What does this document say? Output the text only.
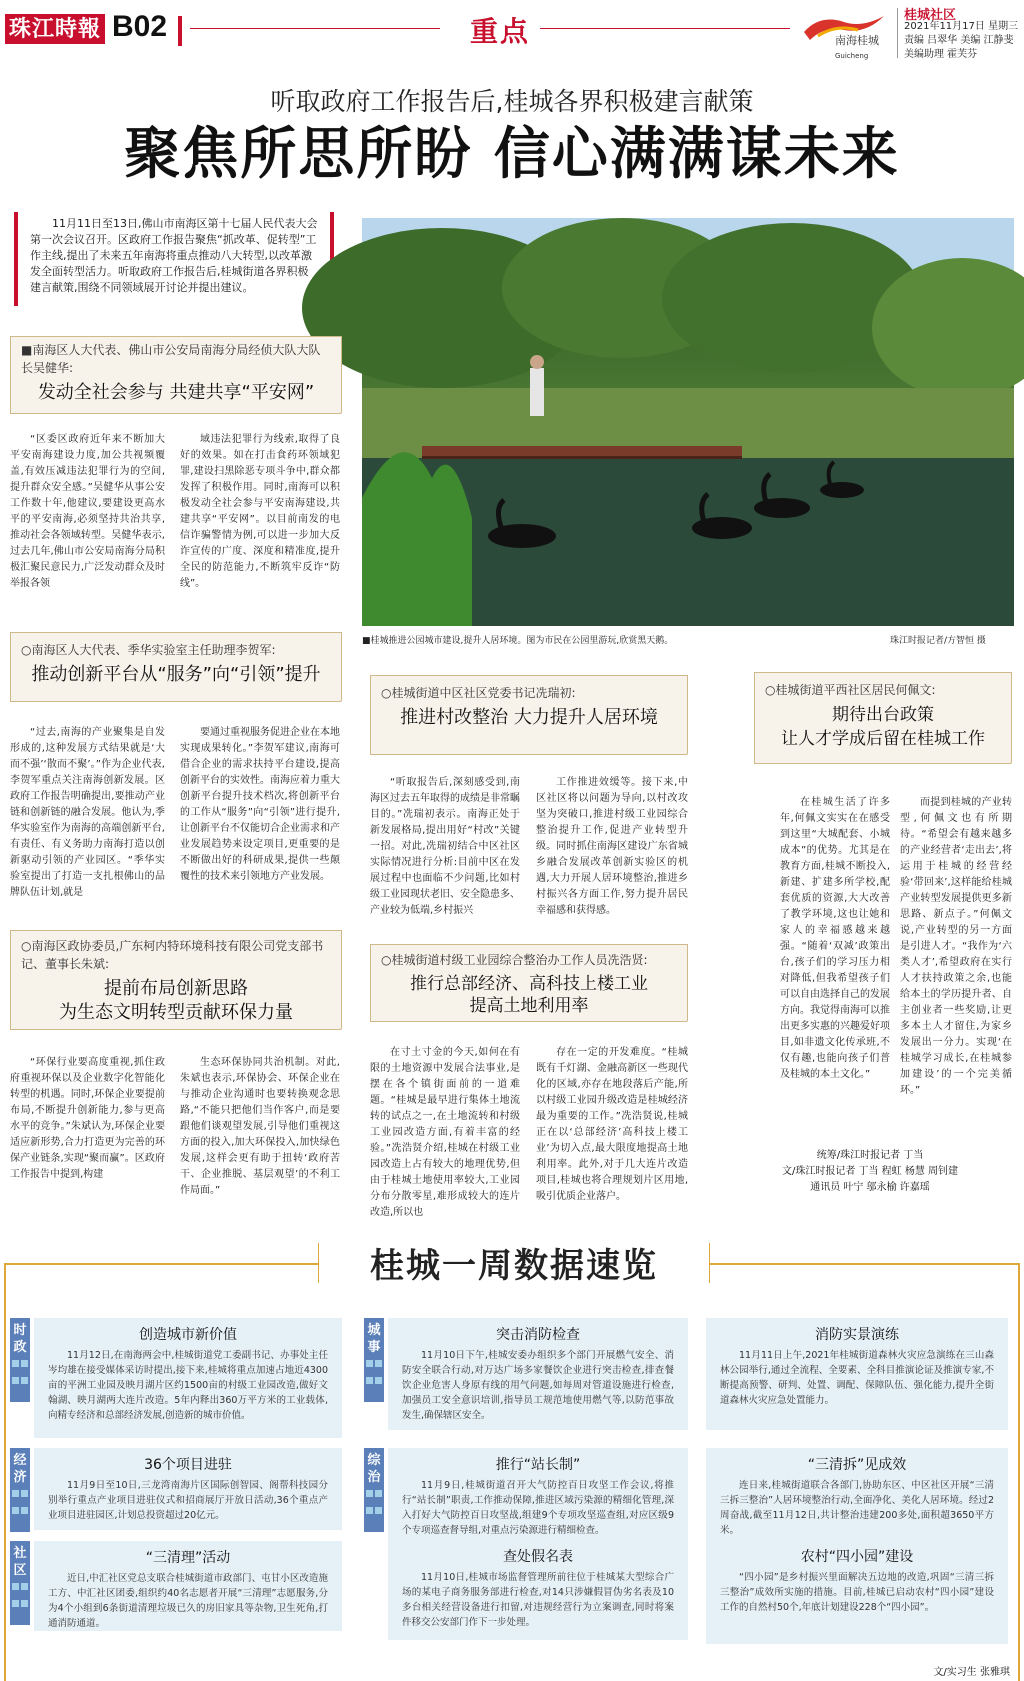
珠江時報 B02	重点	南海桂城
Guicheng
桂城社区
2021年11月17日 星期三
责编 吕翠华 美编 江静斐
美编助理 霍芙芬
听取政府工作报告后,桂城各界积极建言献策
聚焦所思所盼 信心满满谋未来
11月11日至13日,佛山市南海区第十七届人民代表大会第一次会议召开。区政府工作报告聚焦“抓改革、促转型”工作主线,提出了未来五年南海将重点推动八大转型,以改革激发全面转型活力。听取政府工作报告后,桂城街道各界积极建言献策,围绕不同领域展开讨论并提出建议。
■桂城推进公园城市建设,提升人居环境。图为市民在公园里游玩,欣赏黑天鹅。	珠江时报记者/方智恒 摄
■南海区人大代表、佛山市公安局南海分局经侦大队大队长吴健华:
发动全社会参与 共建共享“平安网”
“区委区政府近年来不断加大平安南海建设力度,加公共视频覆盖,有效压减违法犯罪行为的空间,提升群众安全感。”吴健华从事公安工作数十年,他建议,要建设更高水平的平安南海,必须坚持共治共享,推动社会各领域转型。吴健华表示,过去几年,佛山市公安局南海分局积极汇聚民意民力,广泛发动群众及时举报各领
域违法犯罪行为线索,取得了良好的效果。如在打击食药环领域犯罪,建设扫黑除恶专项斗争中,群众都发挥了积极作用。同时,南海可以积极发动全社会参与平安南海建设,共建共享“平安网”。以目前南发的电信诈骗警情为例,可以进一步加大反诈宣传的广度、深度和精准度,提升全民的防范能力,不断筑牢反诈“防线”。
○南海区人大代表、季华实验室主任助理李贺军:
推动创新平台从“服务”向“引领”提升
“过去,南海的产业聚集是自发形成的,这种发展方式结果就是‘大而不强’‘散而不聚’。”作为企业代表,李贺军重点关注南海创新发展。区政府工作报告明确提出,要推动产业链和创新链的融合发展。他认为,季华实验室作为南海的高端创新平台,有责任、有义务助力南海打造以创新驱动引领的产业园区。“季华实验室提出了打造一支扎根佛山的品牌队伍计划,就是
要通过重视服务促进企业在本地实现成果转化。”李贺军建议,南海可借合企业的需求扶持平台建设,提高创新平台的实效性。南海应着力重大创新平台提升技术档次,将创新平台的工作从“服务”向“引领”进行提升,让创新平台不仅能切合企业需求和产业发展趋势来设定项目,更重要的是不断做出好的科研成果,提供一些颠覆性的技术来引领地方产业发展。
○南海区政协委员,广东柯内特环境科技有限公司党支部书记、董事长朱斌:
提前布局创新思路
为生态文明转型贡献环保力量
“环保行业要高度重视,抓住政府重视环保以及企业数字化智能化转型的机遇。同时,环保企业要提前布局,不断提升创新能力,参与更高水平的竞争。”朱斌认为,环保企业要适应新形势,合力打造更为完善的环保产业链条,实现“聚而赢”。区政府工作报告中提到,构建
生态环保协同共治机制。对此,朱斌也表示,环保协会、环保企业在与推动企业沟通时也要转换观念思路,“不能只把他们当作客户,而是要跟他们谈观望发展,引导他们重视这方面的投入,加大环保投入,加快绿色发展,这样会更有助于扭转‘政府苦干、企业推脱、基层观望’的不利工作局面。”
○桂城街道中区社区党委书记冼瑞初:
推进村改整治 大力提升人居环境
“听取报告后,深刻感受到,南海区过去五年取得的成绩是非常瞩目的。”冼瑞初表示。南海正处于新发展格局,提出用好“村改”关键一招。对此,冼瑞初结合中区社区实际情况进行分析:目前中区在发展过程中也面临不少问题,比如村级工业园现状老旧、安全隐患多、产业较为低端,乡村振兴
工作推进效缓等。接下来,中区社区将以问题为导向,以村改攻坚为突破口,推进村级工业园综合整治提升工作,促进产业转型升级。同时抓住南海区建设广东省城乡融合发展改革创新实验区的机遇,大力开展人居环境整治,推进乡村振兴各方面工作,努力提升居民幸福感和获得感。
○桂城街道平西社区居民何佩文:
期待出台政策
让人才学成后留在桂城工作
在桂城生活了许多年,何佩文实实在在感受到这里“大城配套、小城成本”的优势。尤其是在教育方面,桂城不断投入,新建、扩建多所学校,配套优质的资源,大大改善了教学环境,这也让她和家人的幸福感越来越强。“随着‘双减’政策出台,孩子们的学习压力相对降低,但我希望孩子们可以自由选择自己的发展方向。我觉得南海可以推出更多实惠的兴趣爱好项目,如非遗文化传承班,不仅有趣,也能向孩子们普及桂城的本土文化。”
而提到桂城的产业转型,何佩文也有所期待。“希望会有越来越多的产业经营者‘走出去’,将运用于桂城的经营经验‘带回来’,这样能给桂城产业转型发展提供更多新思路、新点子。”何佩文说,产业转型的另一方面是引进人才。“我作为‘六类人才’,希望政府在实行人才扶持政策之余,也能给本土的学历提升者、自主创业者一些奖励,让更多本土人才留住,为家乡发展出一分力。实现‘在桂城学习成长,在桂城参加建设’的一个完美循环。”
○桂城街道村级工业园综合整治办工作人员冼浩贤:
推行总部经济、高科技上楼工业
提高土地利用率
在寸土寸金的今天,如何在有限的土地资源中发展合法事业,是摆在各个镇街面前的一道难题。“桂城是最早进行集体土地流转的试点之一,在土地流转和村级工业园改造方面,有着丰富的经验。”冼浩贤介绍,桂城在村级工业园改造上占有较大的地理优势,但由于桂城土地使用率较大,工业园分布分散零星,难形成较大的连片改造,所以也
存在一定的开发难度。“桂城既有千灯湖、金融高新区一些现代化的区域,亦存在地段落后产能,所以村级工业园升级改造是桂城经济最为重要的工作。”冼浩贤说,桂城正在以‘总部经济’高科技上楼工业’为切入点,最大限度地提高土地利用率。此外,对于几大连片改造项目,桂城也将合理规划片区用地,吸引优质企业落户。
统筹/珠江时报记者 丁当
文/珠江时报记者 丁当 程虹 杨慧 周钊建
通讯员 叶宁 邬永榆 许嘉瑶
桂城一周数据速览
时政

创造城市新价值

11月12日,在南海两会中,桂城街道党工委副书记、办事处主任岑均雄在接受媒体采访时提出,接下来,桂城将重点加速占地近4300亩的平洲工业园及映月湖片区约1500亩的村级工业园改造,做好文翰湖、映月湖两大连片改造。5年内释出360万平方米的工业载体,向精专经济和总部经济发展,创造新的城市价值。

经济

36个项目进驻

11月9日至10日,三龙湾南海片区国际创智园、阁帮科技园分别举行重点产业项目进驻仪式和招商展厅开放日活动,36个重点产业项目进驻园区,计划总投资超过20亿元。

社区

“三清理”活动

近日,中汇社区党总支联合桂城街道市政部门、屯甘小区改造施工方、中汇社区团委,组织约40名志愿者开展“三清理”志愿服务,分为4个小组到6条街道清理垃圾已久的房旧家具等杂物,卫生死角,打通消防通道。

城事

突击消防检查

11月10日下午,桂城安委办组织多个部门开展燃气安全、消防安全联合行动,对万达广场多家餐饮企业进行突击检查,排查餐饮企业危害人身原有线的用气问题,如每周对管道设施进行检查,加强员工安全意识培训,指导员工规范地使用燃气等,以防范事故发生,确保辖区安全。

综治

推行“站长制”

11月9日,桂城街道召开大气防控百日攻坚工作会议,将推行“站长制”职责,工作推动保障,推进区域污染源的精细化管理,深入打好大气防控百日攻坚战,组建9个专项攻坚巡查组,对应区级9个专项巡查督导组,对重点污染源进行精细检查。

查处假名表

11月10日,桂城市场监督管理所前往位于桂城某大型综合广场的某电子商务服务部进行检查,对14只涉嫌假冒伪劣名表及10多台相关经营设备进行扣留,对违规经营行为立案调查,同时将案件移交公安部门作下一步处理。

消防实景演练

11月11日上午,2021年桂城街道森林火灾应急演练在三山森林公园举行,通过全流程、全要素、全科目推演论证及推演专家,不断提高预警、研判、处置、调配、保障队伍、强化能力,提升全街道森林火灾应急处置能力。

“三清拆”见成效

连日来,桂城街道联合各部门,协助东区、中区社区开展“三清三拆三整治”人居环境整治行动,全面净化、美化人居环境。经过2周奋战,截至11月12日,共计整治违建200多处,面积超3650平方米。

农村“四小园”建设

“四小园”是乡村振兴里面解决五边地的改造,巩固“三清三拆三整治”成效所实施的措施。目前,桂城已启动农村“四小园”建设工作的自然村50个,年底计划建设228个“四小园”。

文/实习生 张雅琪
